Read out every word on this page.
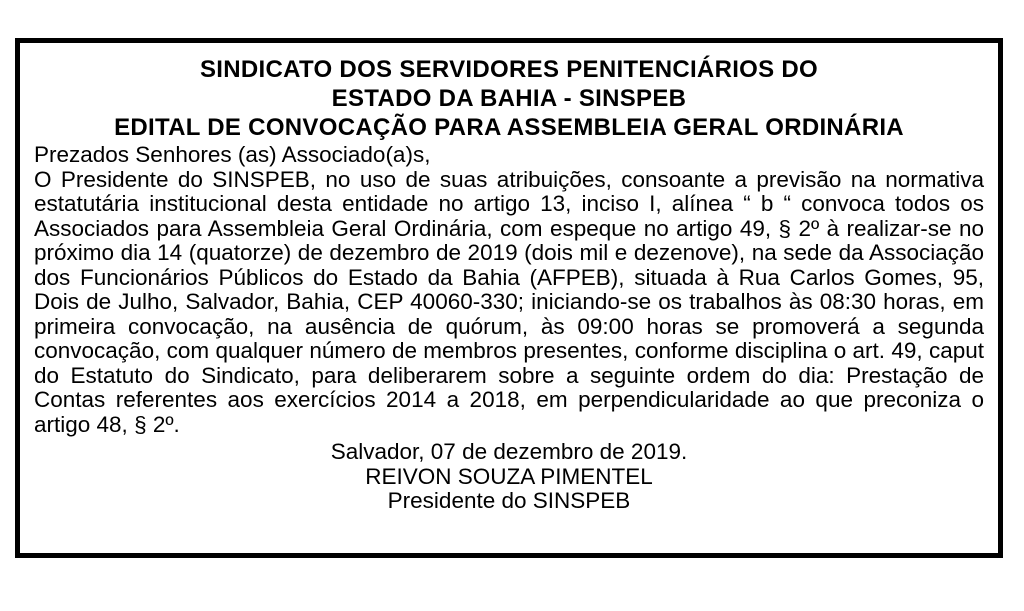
SINDICATO DOS SERVIDORES PENITENCIÁRIOS DO

ESTADO DA BAHIA - SINSPEB

EDITAL DE CONVOCAÇÃO PARA ASSEMBLEIA GERAL ORDINÁRIA

Prezados Senhores (as) Associado(a)s,

O Presidente do SINSPEB, no uso de suas atribuições, consoante a previsão na normativa estatutária institucional desta entidade no artigo 13, inciso I, alínea “ b “ convoca todos os Associados para Assembleia Geral Ordinária, com espeque no artigo 49, § 2º à realizar-se no próximo dia 14 (quatorze) de dezembro de 2019 (dois mil e dezenove), na sede da Associação dos Funcionários Públicos do Estado da Bahia (AFPEB), situada à Rua Carlos Gomes, 95, Dois de Julho, Salvador, Bahia, CEP 40060-330; iniciando-se os trabalhos às 08:30 horas, em primeira convocação, na ausência de quórum, às 09:00 horas se promoverá a segunda convocação, com qualquer número de membros presentes, conforme disciplina o art. 49, caput do Estatuto do Sindicato, para deliberarem sobre a seguinte ordem do dia: Prestação de Contas referentes aos exercícios 2014 a 2018, em perpendicularidade ao que preconiza o artigo 48, § 2º.

Salvador, 07 de dezembro de 2019.

REIVON SOUZA PIMENTEL

Presidente do SINSPEB
